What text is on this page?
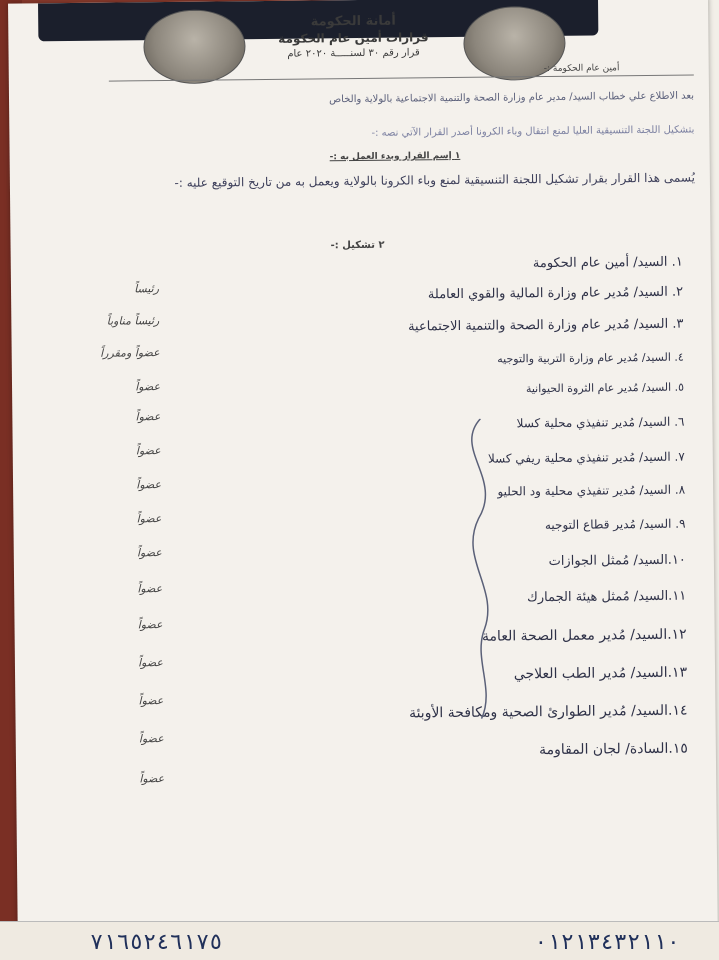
أمانة الحكومة
قرارات أمين عام الحكومة
قرار رقم ٣٠ لسنـــــة ٢٠٢٠ عام
أمين عام الحكومة :-
بعد الاطلاع علي خطاب السيد/ مدير عام وزارة الصحة والتنمية الاجتماعية بالولاية والخاص
بتشكيل اللجنة التنسيقية العليا لمنع انتقال وباء الكرونا أصدر القرار الآتي نصه :-
١ إسم القرار وبدء العمل به :-
يُسمى هذا القرار بقرار تشكيل اللجنة التنسيقية لمنع وباء الكرونا بالولاية ويعمل به من تاريخ التوقيع عليه :-
٢ تشكيل :-
١. السيد/ أمين عام الحكومة
٢. السيد/ مُدير عام وزارة المالية والقوي العاملة
٣. السيد/ مُدير عام وزارة الصحة والتنمية الاجتماعية
٤. السيد/ مُدير عام وزارة التربية والتوجيه
٥. السيد/ مُدير عام الثروة الحيوانية
٦. السيد/ مُدير تنفيذي محلية كسلا
٧. السيد/ مُدير تنفيذي محلية ريفي كسلا
٨. السيد/ مُدير تنفيذي محلية ود الحليو
٩. السيد/ مُدير قطاع التوجيه
١٠.السيد/ مُمثل الجوازات
١١.السيد/ مُمثل هيئة الجمارك
١٢.السيد/ مُدير معمل الصحة العامة
١٣.السيد/ مُدير الطب العلاجي
١٤.السيد/ مُدير الطوارئ الصحية ومكافحة الأوبئة
١٥.السادة/ لجان المقاومة
رئيساً
رئيساً مناوباً
عضواً ومقرراً
عضواً
عضواً
عضواً
عضواً
عضواً
عضواً
عضواً
عضواً
عضواً
عضواً
عضواً
عضواً
٧١٦٥٢٤٦١٧٥	٠١٢١٣٤٣٢١١٠
